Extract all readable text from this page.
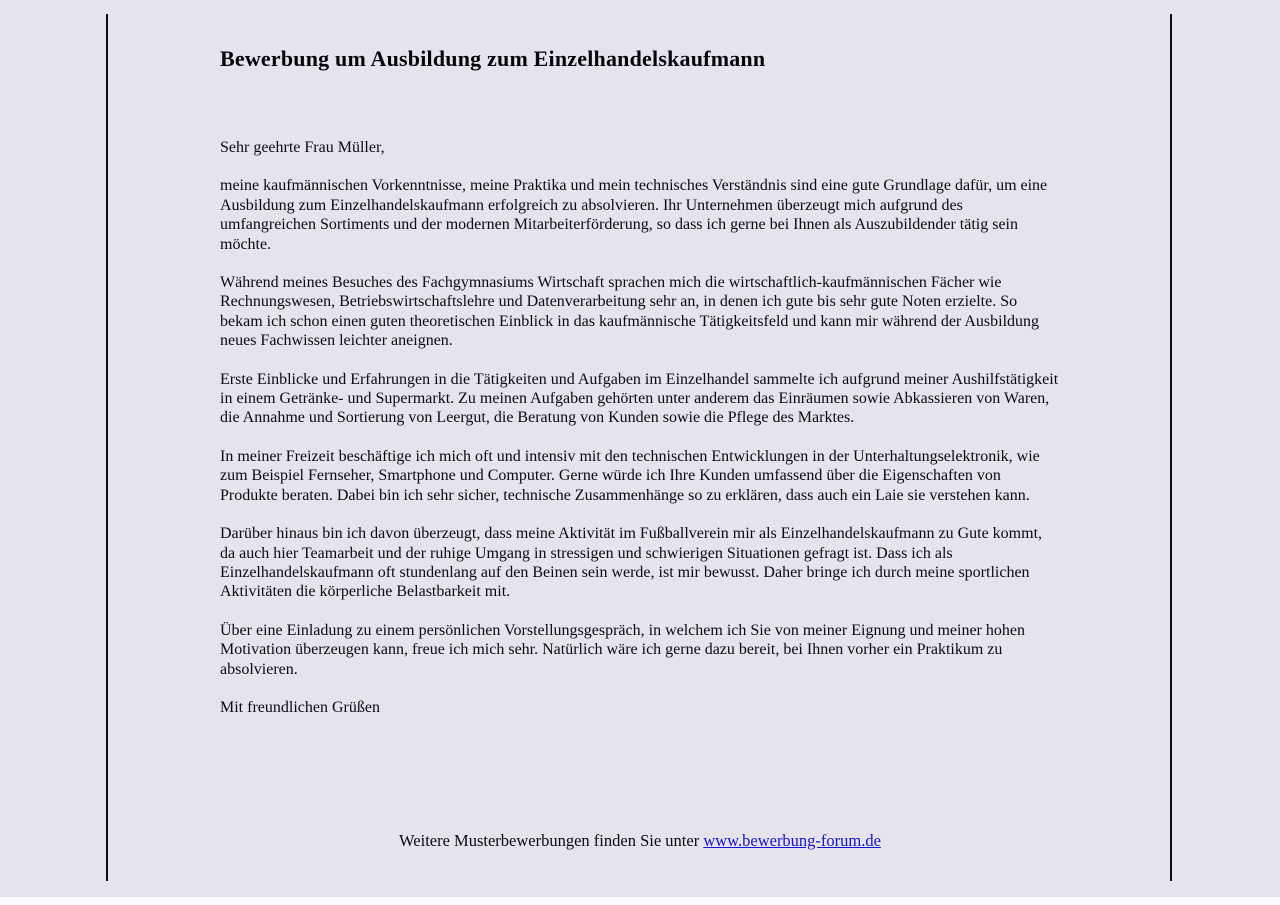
Bewerbung um Ausbildung zum Einzelhandelskaufmann

Sehr geehrte Frau Müller,

meine kaufmännischen Vorkenntnisse, meine Praktika und mein technisches Verständnis sind eine gute Grundlage dafür, um eine Ausbildung zum Einzelhandelskaufmann erfolgreich zu absolvieren. Ihr Unternehmen überzeugt mich aufgrund des umfangreichen Sortiments und der modernen Mitarbeiterförderung, so dass ich gerne bei Ihnen als Auszubildender tätig sein möchte.

Während meines Besuches des Fachgymnasiums Wirtschaft sprachen mich die wirtschaftlich-kaufmännischen Fächer wie Rechnungswesen, Betriebswirtschaftslehre und Datenverarbeitung sehr an, in denen ich gute bis sehr gute Noten erzielte. So bekam ich schon einen guten theoretischen Einblick in das kaufmännische Tätigkeitsfeld und kann mir während der Ausbildung neues Fachwissen leichter aneignen.

Erste Einblicke und Erfahrungen in die Tätigkeiten und Aufgaben im Einzelhandel sammelte ich aufgrund meiner Aushilfstätigkeit in einem Getränke- und Supermarkt. Zu meinen Aufgaben gehörten unter anderem das Einräumen sowie Abkassieren von Waren, die Annahme und Sortierung von Leergut, die Beratung von Kunden sowie die Pflege des Marktes.

In meiner Freizeit beschäftige ich mich oft und intensiv mit den technischen Entwicklungen in der Unterhaltungselektronik, wie zum Beispiel Fernseher, Smartphone und Computer. Gerne würde ich Ihre Kunden umfassend über die Eigenschaften von Produkte beraten. Dabei bin ich sehr sicher, technische Zusammenhänge so zu erklären, dass auch ein Laie sie verstehen kann.

Darüber hinaus bin ich davon überzeugt, dass meine Aktivität im Fußballverein mir als Einzelhandelskaufmann zu Gute kommt, da auch hier Teamarbeit und der ruhige Umgang in stressigen und schwierigen Situationen gefragt ist. Dass ich als Einzelhandelskaufmann oft stundenlang auf den Beinen sein werde, ist mir bewusst. Daher bringe ich durch meine sportlichen Aktivitäten die körperliche Belastbarkeit mit.

Über eine Einladung zu einem persönlichen Vorstellungsgespräch, in welchem ich Sie von meiner Eignung und meiner hohen Motivation überzeugen kann, freue ich mich sehr. Natürlich wäre ich gerne dazu bereit, bei Ihnen vorher ein Praktikum zu absolvieren.

Mit freundlichen Grüßen

Weitere Musterbewerbungen finden Sie unter www.bewerbung-forum.de
